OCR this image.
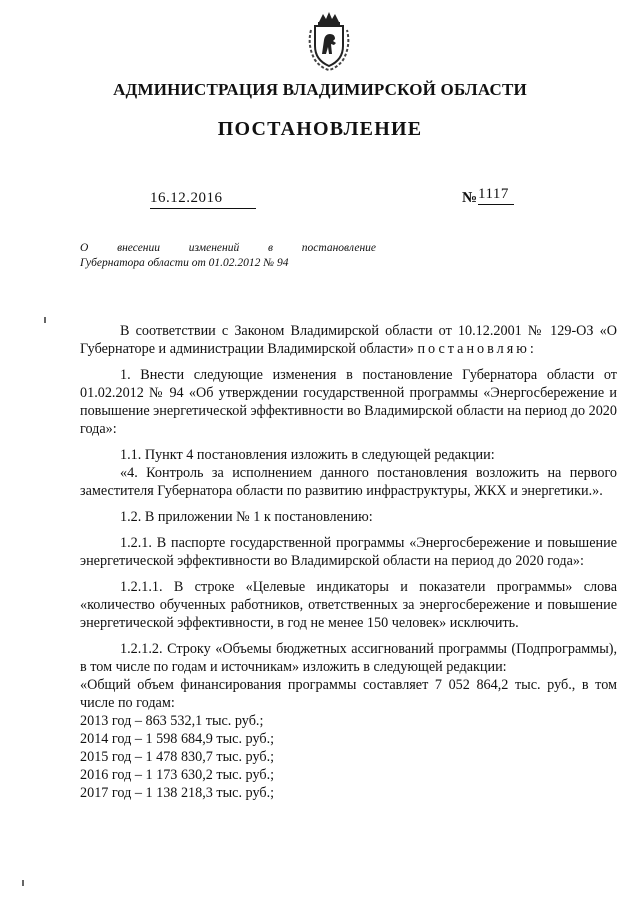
АДМИНИСТРАЦИЯ ВЛАДИМИРСКОЙ ОБЛАСТИ
ПОСТАНОВЛЕНИЕ
16.12.2016	№ 1117
О внесении изменений в постановление
Губернатора области от 01.02.2012 № 94

В соответствии с Законом Владимирской области от 10.12.2001 № 129-ОЗ «О Губернаторе и администрации Владимирской области» постановляю:

1. Внести следующие изменения в постановление Губернатора области от 01.02.2012 № 94 «Об утверждении государственной программы «Энергосбережение и повышение энергетической эффективности во Владимирской области на период до 2020 года»:

1.1. Пункт 4 постановления изложить в следующей редакции:

«4. Контроль за исполнением данного постановления возложить на первого заместителя Губернатора области по развитию инфраструктуры, ЖКХ и энергетики.».

1.2. В приложении № 1 к постановлению:

1.2.1. В паспорте государственной программы «Энергосбережение и повышение энергетической эффективности во Владимирской области на период до 2020 года»:

1.2.1.1. В строке «Целевые индикаторы и показатели программы» слова «количество обученных работников, ответственных за энергосбережение и повышение энергетической эффективности, в год не менее 150 человек» исключить.

1.2.1.2. Строку «Объемы бюджетных ассигнований программы (Подпрограммы), в том числе по годам и источникам» изложить в следующей редакции:

«Общий объем финансирования программы составляет 7 052 864,2 тыс. руб., в том числе по годам:

2013 год – 863 532,1 тыс. руб.;

2014 год – 1 598 684,9 тыс. руб.;

2015 год – 1 478 830,7 тыс. руб.;

2016 год – 1 173 630,2 тыс. руб.;

2017 год – 1 138 218,3 тыс. руб.;
